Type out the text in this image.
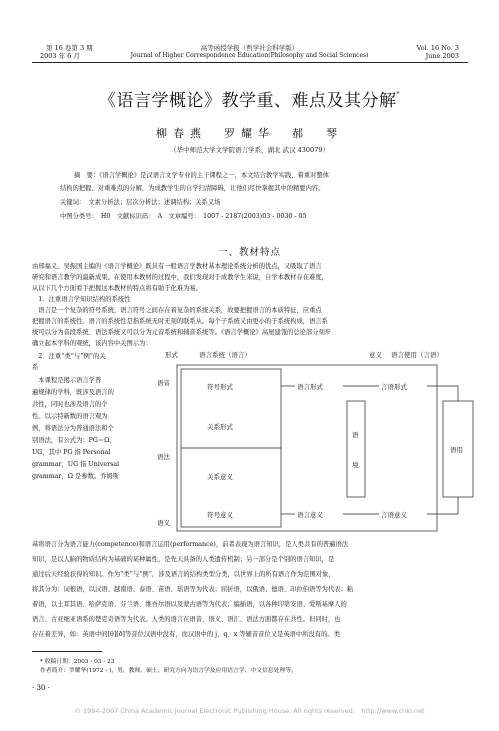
第 16 卷第 3 期
2003 年 6 月
高等函授学报（哲学社会科学版）
Journal of Higher Correspondence Education(Philosophy and Social Sciences)
Vol. 16 No. 3
June 2003
《语言学概论》教学重、难点及其分解*
柳春燕　罗耀华　郝　琴
（华中师范大学文学院语言学系，湖北 武汉 430079）
摘　要：《语言学概论》是汉语言文学专业的主干课程之一，本文结合教学实践，着重对整体
结构的把握、对重难点的分解，为成教学生的自学扫清障碍，让他们尽快掌握其中的精要内容。
关键词：　文素分析法；层次分析法；述调结构；关系义场
中图分类号：　H0　文献标识码：　A　文章编号：　1007 - 2187(2003)03 - 0030 - 05
一、教材特点
由邢福义、吴振国主编的《语言学概论》既具有一般语言学教材基本理论系统分析的优点，又吸取了语言
研究和语言教学的最新成果。在使用本教材的过程中，我们发现对于成教学生来说，自学本教材存在难度，
从以下几个方面看手把握这本教材的特点将有助于化难为易。
　1．注重语言学知识结构的系统性
　语言是一个复杂的符号系统，语言符号之间存在着复杂的系统关系，故要把握语言的本质特征，应重点
把握语言的系统性。语言的系统性是指系统无时无刻的联系从。每个子系统又由更小的子系统构成，语言系
统可以分为音段系统、语法系统又可以分为元音系统和辅音系统等。《语言学概论》高屋建瓴的总论部分刻步
确立起本学科的观统，该内容中关图示为：
　2．注重“类”与“例”的关
系
　本课程是揭示语言学普
遍规律的学科，既涉及语言的
共性，同时也涉及语言的个
性。以示特新数的语言观为
例，将语法分为普通语法和个
别语法，有公式为：PG＝Ω，
UG，其中 PG 指 Personal
grammar，UG 指 Universal
grammar，Ω 是参数。乔姆斯
形式	语言系统（语言）	意义 语言使用（言语）
语音
语法
语义
符号形式
关系形式
关系意义
符号意义
语言形式
语言意义
语
境
言语形式
言语意义
语用
基将语言分为语言能力(competence)和语言运用(performance)，前者表现为语言知识，是人类共有的普遍语法
知识，是以人脑的物质结构为基础的某种属性，是先天具备的人类遗传机制；另一部分是个别的语言知识，是
通过后天经验获得的知识。作为“类”与“例”，涉及语言的结构类型分类，以世界上的所有语言作为范围对象，
将其分为：词根语，以汉语、越南语、泰语、苗语、瑶语等为代表；屈折语，以俄语、德语、印拉伯语等为代表；粘
着语，以土耳其语、哈萨克语、芬兰语、维吾尔语以及蒙古语等为代表；编插语，以各种印第安语、爱斯基摩人的
语言、古亚细亚语系的楚克奇语等为代表。人类的语言在语音、语义、语汇、语法方面都存在共性。但同时，也
存在着差异，如：英语中的[θ][ð]等音位汉语中没有，而汉语中的 j、q、x 等辅音音位又是英语中所没有的。类
* 收稿日期：2003 - 03 - 23
作者简介：罗耀华(1972 - )，男，教师，硕士，研究方向为语言学及应用语言学、中文信息处理等。
· 30 ·
© 1994-2007 China Academic Journal Electronic Publishing House. All rights reserved.　http://www.cnki.net
